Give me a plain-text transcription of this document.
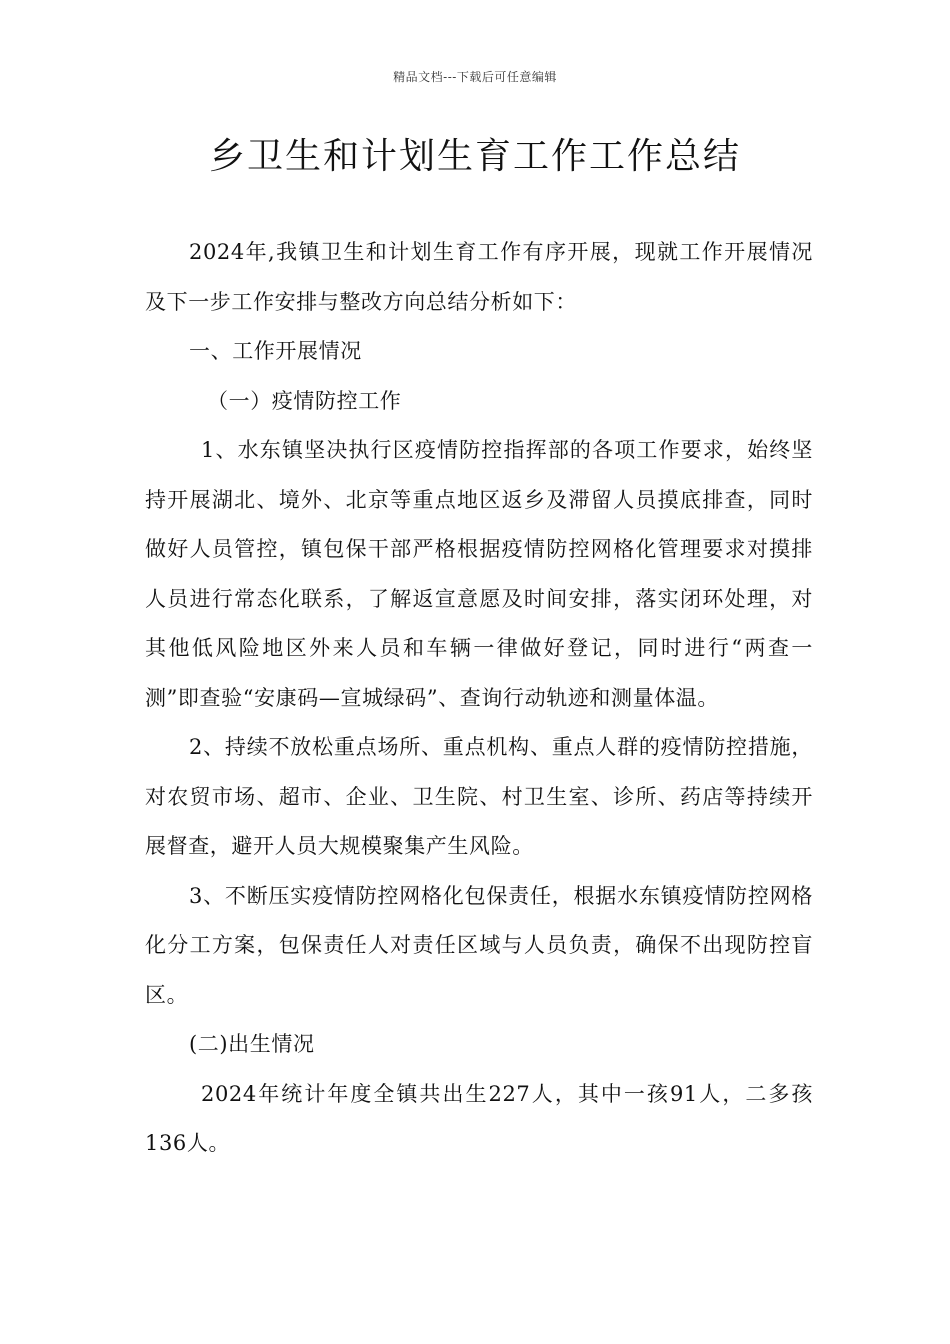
精品文档---下载后可任意编辑
乡卫生和计划生育工作工作总结

2024年,我镇卫生和计划生育工作有序开展，现就工作开展情况及下一步工作安排与整改方向总结分析如下：

一、工作开展情况

（一）疫情防控工作

1、水东镇坚决执行区疫情防控指挥部的各项工作要求，始终坚持开展湖北、境外、北京等重点地区返乡及滞留人员摸底排查，同时做好人员管控，镇包保干部严格根据疫情防控网格化管理要求对摸排人员进行常态化联系，了解返宣意愿及时间安排，落实闭环处理，对其他低风险地区外来人员和车辆一律做好登记，同时进行“两查一测”即查验“安康码—宣城绿码”、查询行动轨迹和测量体温。

2、持续不放松重点场所、重点机构、重点人群的疫情防控措施，对农贸市场、超市、企业、卫生院、村卫生室、诊所、药店等持续开展督查，避开人员大规模聚集产生风险。

3、不断压实疫情防控网格化包保责任，根据水东镇疫情防控网格化分工方案，包保责任人对责任区域与人员负责，确保不出现防控盲区。

(二)出生情况

2024年统计年度全镇共出生227人，其中一孩91人，二多孩136人。
